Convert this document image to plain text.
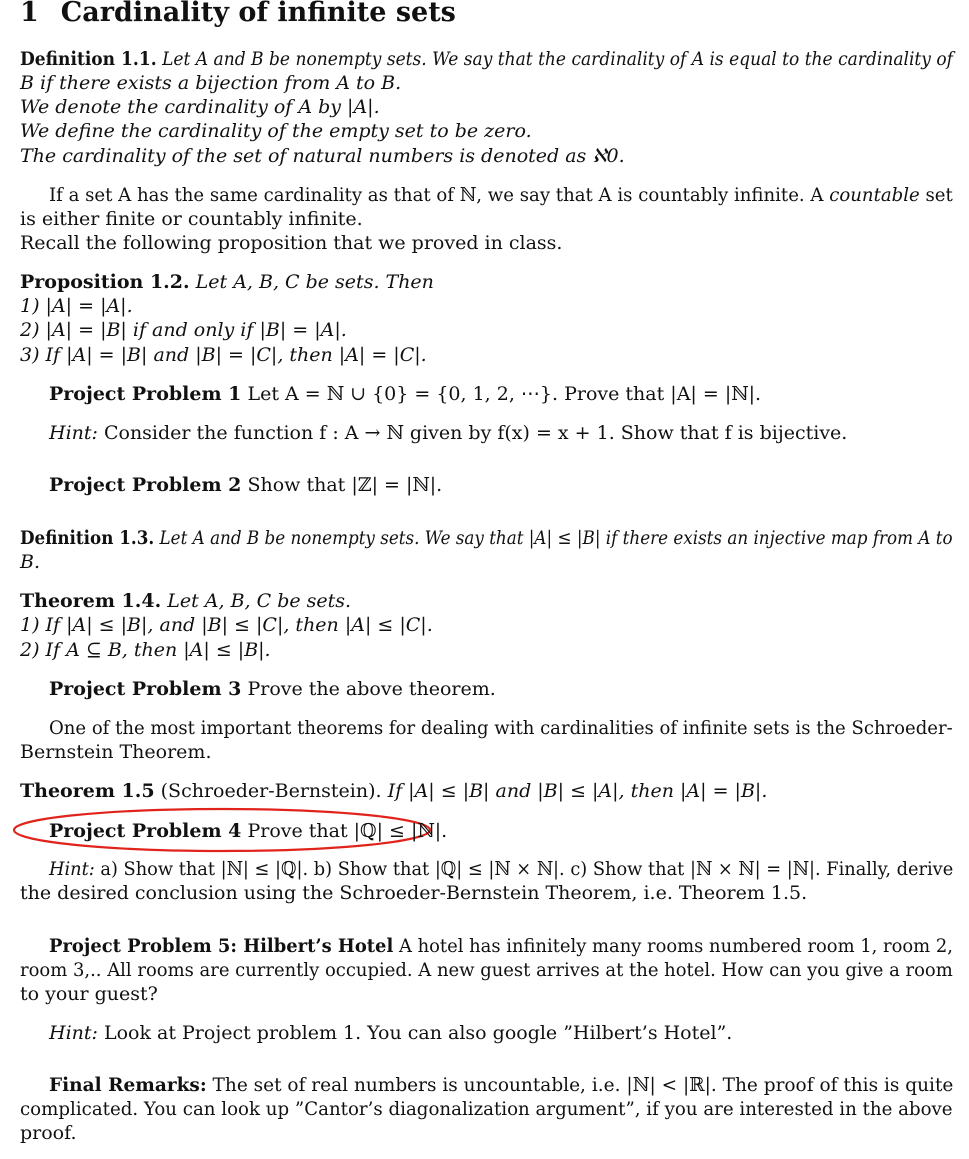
1 Cardinality of infinite sets
Definition 1.1. Let A and B be nonempty sets. We say that the cardinality of A is equal to the cardinality of
B if there exists a bijection from A to B.
We denote the cardinality of A by |A|.
We define the cardinality of the empty set to be zero.
The cardinality of the set of natural numbers is denoted as ℵ0.
If a set A has the same cardinality as that of ℕ, we say that A is countably infinite. A countable set
is either finite or countably infinite.
Recall the following proposition that we proved in class.
Proposition 1.2. Let A, B, C be sets. Then
1) |A| = |A|.
2) |A| = |B| if and only if |B| = |A|.
3) If |A| = |B| and |B| = |C|, then |A| = |C|.
Project Problem 1 Let A = ℕ ∪ {0} = {0, 1, 2, ⋯}. Prove that |A| = |ℕ|.
Hint: Consider the function f : A → ℕ given by f(x) = x + 1. Show that f is bijective.
Project Problem 2 Show that |ℤ| = |ℕ|.
Definition 1.3. Let A and B be nonempty sets. We say that |A| ≤ |B| if there exists an injective map from A to
B.
Theorem 1.4. Let A, B, C be sets.
1) If |A| ≤ |B|, and |B| ≤ |C|, then |A| ≤ |C|.
2) If A ⊆ B, then |A| ≤ |B|.
Project Problem 3 Prove the above theorem.
One of the most important theorems for dealing with cardinalities of infinite sets is the Schroeder-
Bernstein Theorem.
Theorem 1.5 (Schroeder-Bernstein). If |A| ≤ |B| and |B| ≤ |A|, then |A| = |B|.
Project Problem 4 Prove that |ℚ| ≤ |ℕ|.
Hint: a) Show that |ℕ| ≤ |ℚ|. b) Show that |ℚ| ≤ |ℕ × ℕ|. c) Show that |ℕ × ℕ| = |ℕ|. Finally, derive
the desired conclusion using the Schroeder-Bernstein Theorem, i.e. Theorem 1.5.
Project Problem 5: Hilbert’s Hotel A hotel has infinitely many rooms numbered room 1, room 2,
room 3,.. All rooms are currently occupied. A new guest arrives at the hotel. How can you give a room
to your guest?
Hint: Look at Project problem 1. You can also google ”Hilbert’s Hotel”.
Final Remarks: The set of real numbers is uncountable, i.e. |ℕ| < |ℝ|. The proof of this is quite
complicated. You can look up ”Cantor’s diagonalization argument”, if you are interested in the above
proof.
